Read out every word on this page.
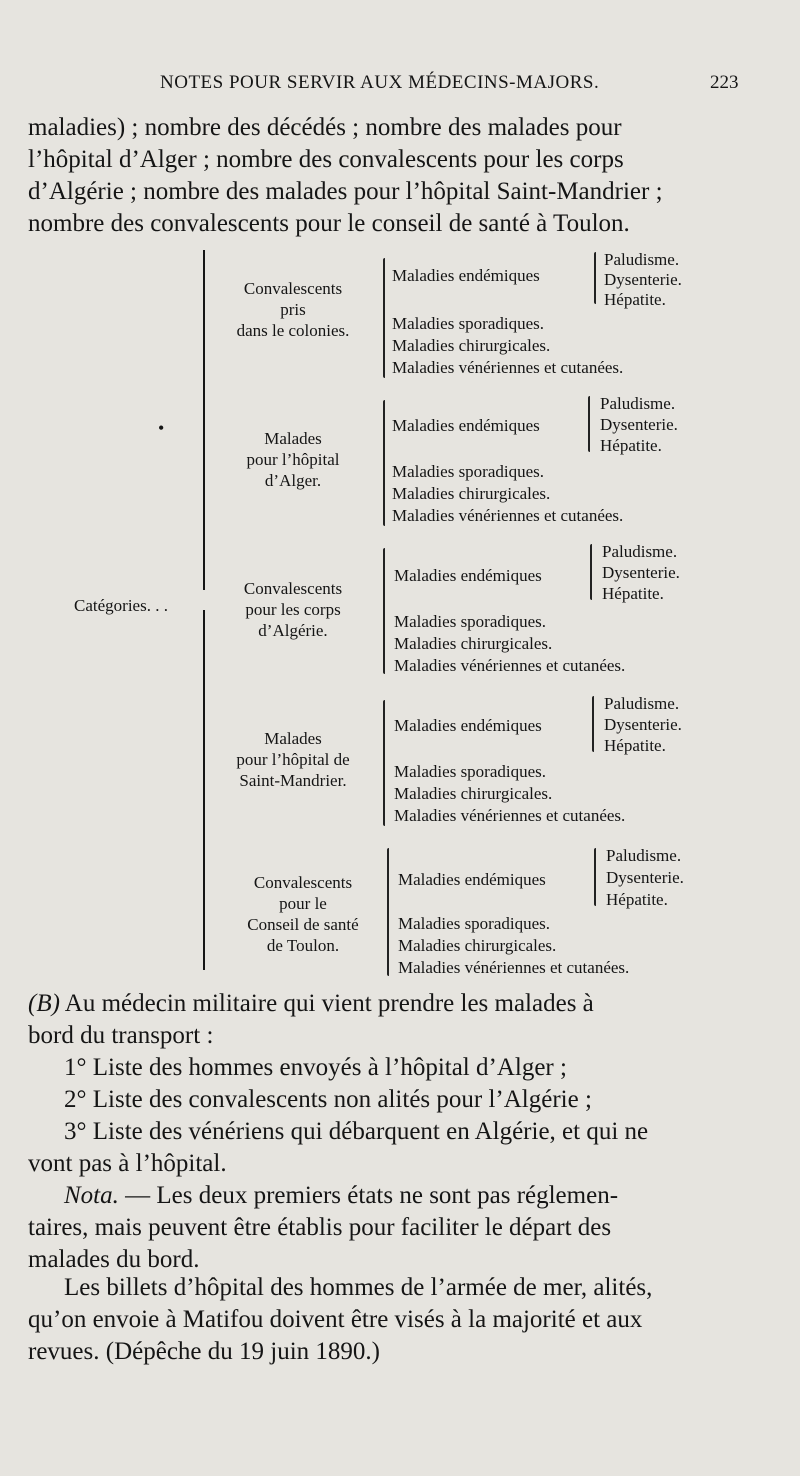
NOTES POUR SERVIR AUX MÉDECINS-MAJORS.	223
maladies) ; nombre des décédés ; nombre des malades pour
l’hôpital d’Alger ; nombre des convalescents pour les corps
d’Algérie ; nombre des malades pour l’hôpital Saint-Mandrier ;
nombre des convalescents pour le conseil de santé à Toulon.
Catégories. . .
•
Convalescents
pris
dans le colonies.
Maladies endémiques
Paludisme.
Dysenterie.
Hépatite.
Maladies sporadiques.
Maladies chirurgicales.
Maladies vénériennes et cutanées.
Malades
pour l’hôpital
d’Alger.
Maladies endémiques
Paludisme.
Dysenterie.
Hépatite.
Maladies sporadiques.
Maladies chirurgicales.
Maladies vénériennes et cutanées.
Convalescents
pour les corps
d’Algérie.
Maladies endémiques
Paludisme.
Dysenterie.
Hépatite.
Maladies sporadiques.
Maladies chirurgicales.
Maladies vénériennes et cutanées.
Malades
pour l’hôpital de
Saint-Mandrier.
Maladies endémiques
Paludisme.
Dysenterie.
Hépatite.
Maladies sporadiques.
Maladies chirurgicales.
Maladies vénériennes et cutanées.
Convalescents
pour le
Conseil de santé
de Toulon.
Maladies endémiques
Paludisme.
Dysenterie.
Hépatite.
Maladies sporadiques.
Maladies chirurgicales.
Maladies vénériennes et cutanées.
(B) Au médecin militaire qui vient prendre les malades à
bord du transport :
1° Liste des hommes envoyés à l’hôpital d’Alger ;
2° Liste des convalescents non alités pour l’Algérie ;
3° Liste des vénériens qui débarquent en Algérie, et qui ne
vont pas à l’hôpital.
Nota. — Les deux premiers états ne sont pas réglemen-
taires, mais peuvent être établis pour faciliter le départ des
malades du bord.
Les billets d’hôpital des hommes de l’armée de mer, alités,
qu’on envoie à Matifou doivent être visés à la majorité et aux
revues. (Dépêche du 19 juin 1890.)
